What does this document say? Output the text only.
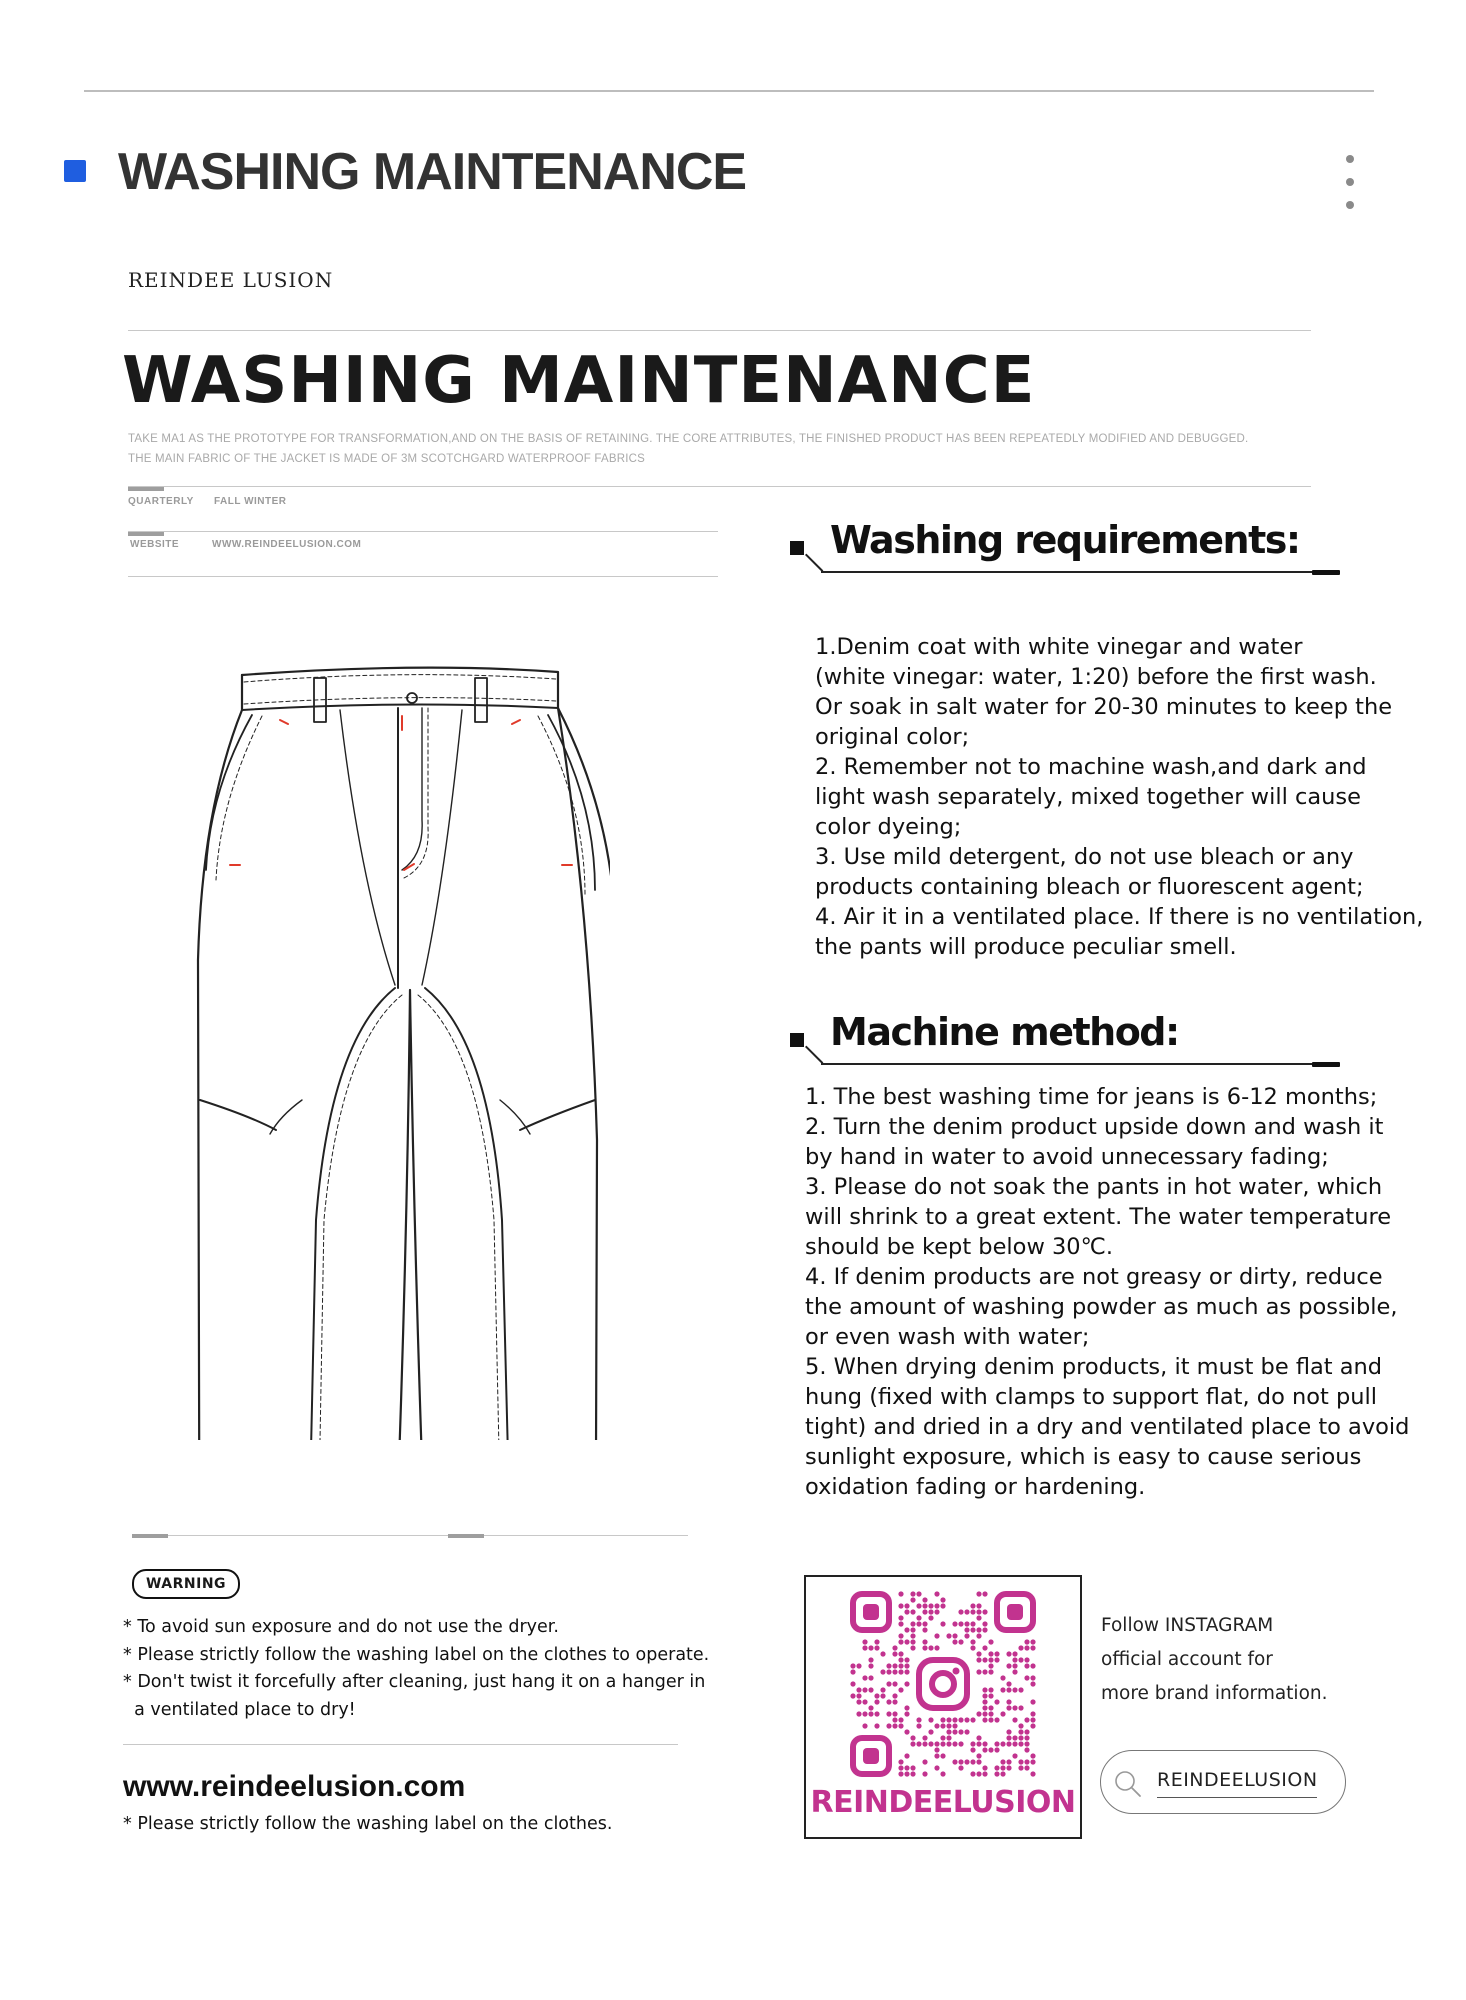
WASHING MAINTENANCE
REINDEE LUSION
WASHING MAINTENANCE
TAKE MA1 AS THE PROTOTYPE FOR TRANSFORMATION,AND ON THE BASIS OF RETAINING. THE CORE ATTRIBUTES, THE FINISHED PRODUCT HAS BEEN REPEATEDLY MODIFIED AND DEBUGGED.
THE MAIN FABRIC OF THE JACKET IS MADE OF 3M SCOTCHGARD WATERPROOF FABRICS
QUARTERLY FALL WINTER
WEBSITE	WWW.REINDEELUSION.COM	Washing requirements:
1.Denim coat with white vinegar and water
(white vinegar: water, 1:20) before the first wash.
Or soak in salt water for 20-30 minutes to keep the
original color;
2. Remember not to machine wash,and dark and
light wash separately, mixed together will cause
color dyeing;
3. Use mild detergent, do not use bleach or any
products containing bleach or fluorescent agent;
4. Air it in a ventilated place. If there is no ventilation,
the pants will produce peculiar smell.
Machine method:
1. The best washing time for jeans is 6-12 months;
2. Turn the denim product upside down and wash it
by hand in water to avoid unnecessary fading;
3. Please do not soak the pants in hot water, which
will shrink to a great extent. The water temperature
should be kept below 30℃.
4. If denim products are not greasy or dirty, reduce
the amount of washing powder as much as possible,
or even wash with water;
5. When drying denim products, it must be flat and
hung (fixed with clamps to support flat, do not pull
tight) and dried in a dry and ventilated place to avoid
sunlight exposure, which is easy to cause serious
oxidation fading or hardening.
WARNING
* To avoid sun exposure and do not use the dryer.
* Please strictly follow the washing label on the clothes to operate.
* Don't twist it forcefully after cleaning, just hang it on a hanger in
a ventilated place to dry!
www.reindeelusion.com
* Please strictly follow the washing label on the clothes.
REINDEELUSION
Follow INSTAGRAM
official account for
more brand information.
REINDEELUSION
